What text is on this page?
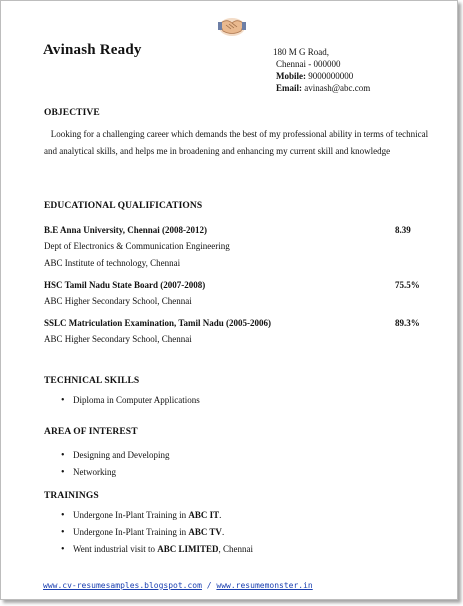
Avinash Ready	180 M G Road,
Chennai - 000000
Mobile: 9000000000
Email: avinash@abc.com
OBJECTIVE
Looking for a challenging career which demands the best of my professional ability in terms of technical and analytical skills, and helps me in broadening and enhancing my current skill and knowledge
EDUCATIONAL QUALIFICATIONS
B.E Anna University, Chennai (2008-2012)	8.39
Dept of Electronics & Communication Engineering
ABC Institute of technology, Chennai
HSC Tamil Nadu State Board (2007-2008)	75.5%
ABC Higher Secondary School, Chennai
SSLC Matriculation Examination, Tamil Nadu (2005-2006)	89.3%
ABC Higher Secondary School, Chennai
TECHNICAL SKILLS
• Diploma in Computer Applications
AREA OF INTEREST
• Designing and Developing
• Networking
TRAININGS
• Undergone In-Plant Training in ABC IT.
• Undergone In-Plant Training in ABC TV.
• Went industrial visit to ABC LIMITED, Chennai
www.cv-resumesamples.blogspot.com / www.resumemonster.in
